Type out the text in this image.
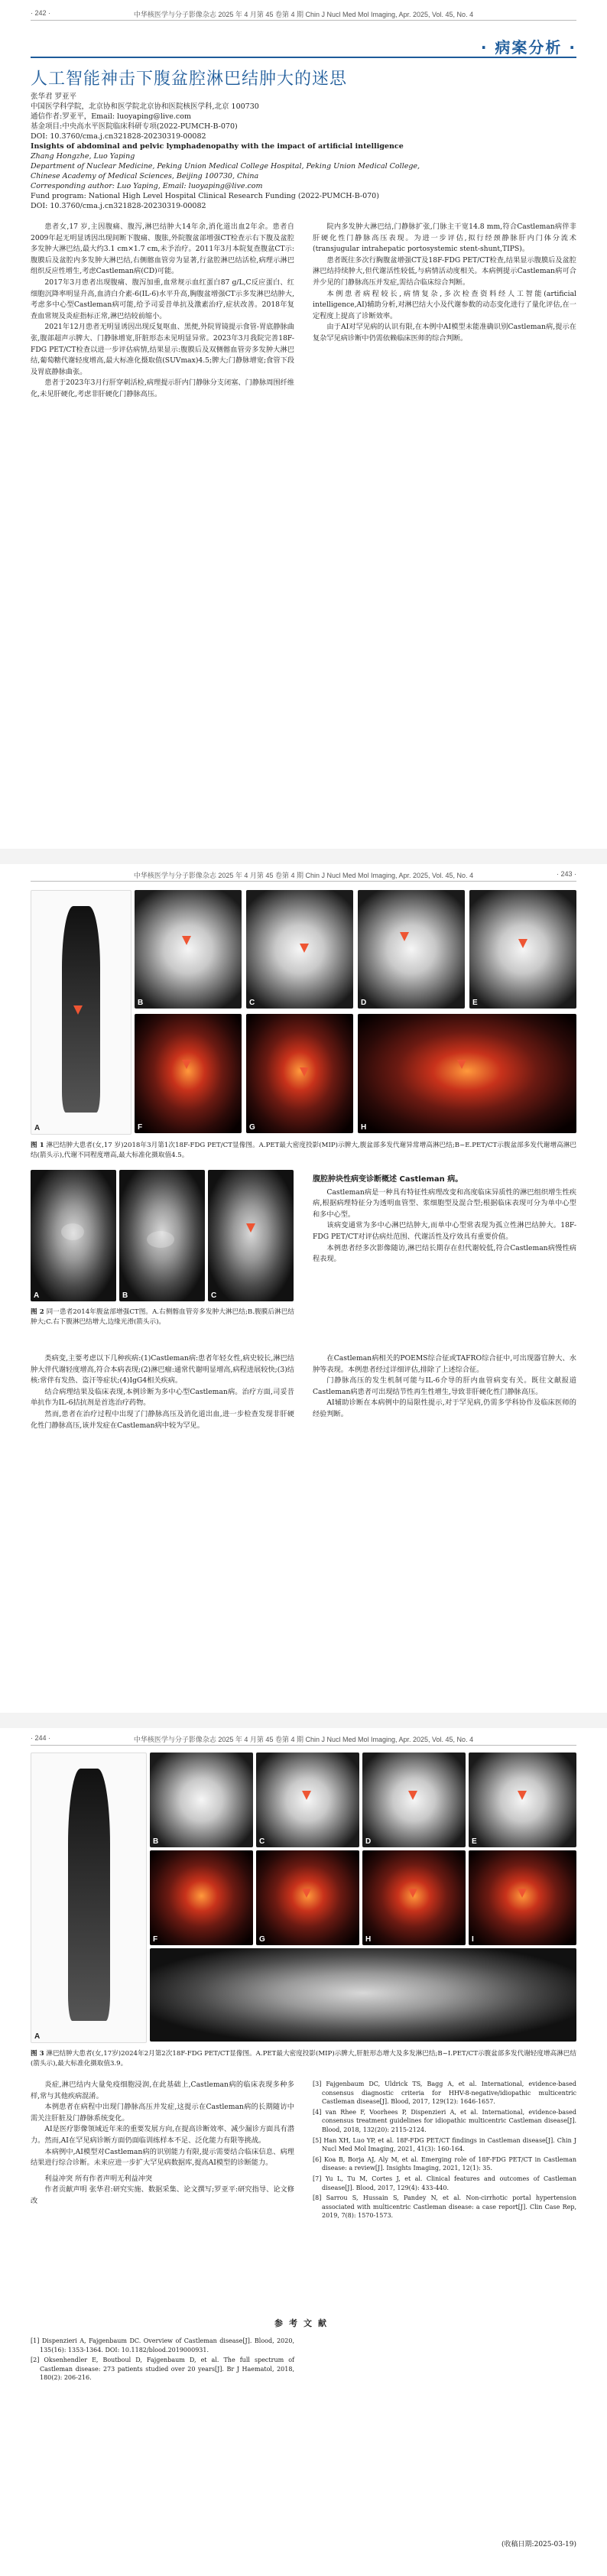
· 242 ·	中华核医学与分子影像杂志 2025 年 4 月第 45 卷第 4 期 Chin J Nucl Med Mol Imaging, Apr. 2025, Vol. 45, No. 4
· 病案分析 ·
人工智能神击下腹盆腔淋巴结肿大的迷思
张华君 罗亚平
中国医学科学院，北京协和医学院北京协和医院核医学科,北京 100730
通信作者:罗亚平，Email: luoyaping@live.com
基金项目:中央高水平医院临床科研专项(2022-PUMCH-B-070)
DOI: 10.3760/cma.j.cn321828-20230319-00082
Insights of abdominal and pelvic lymphadenopathy with the impact of artificial intelligence
Zhang Hongzhe, Luo Yaping
Department of Nuclear Medicine, Peking Union Medical College Hospital, Peking Union Medical College,
Chinese Academy of Medical Sciences, Beijing 100730, China
Corresponding author: Luo Yaping, Email: luoyaping@live.com
Fund program: National High Level Hospital Clinical Research Funding (2022-PUMCH-B-070)
DOI: 10.3760/cma.j.cn321828-20230319-00082

患者女,17 岁,主因腹痛、腹泻,淋巴结肿大14年余,消化道出血2年余。患者自2009年起无明显诱因出现间断下腹痛、腹胀,外院腹盆部增强CT检查示右下腹及盆腔多发肿大淋巴结,最大约3.1 cm×1.7 cm,未予治疗。2011年3月本院复查腹盆CT示:腹膜后及盆腔内多发肿大淋巴结,右侧髂血管旁为显著,行盆腔淋巴结活检,病理示淋巴组织反应性增生,考虑Castleman病(CD)可能。

2017年3月患者出现腹痛、腹泻加重,血常规示血红蛋白87 g/L,C反应蛋白、红细胞沉降率明显升高,血清白介素-6(IL-6)水平升高,胸腹盆增强CT示多发淋巴结肿大,考虑多中心型Castleman病可能,给予司妥昔单抗及激素治疗,症状改善。2018年复查血常规及炎症指标正常,淋巴结较前缩小。

2021年12月患者无明显诱因出现反复呕血、黑便,外院胃镜提示食管-胃底静脉曲张,腹部超声示脾大、门静脉增宽,肝脏形态未见明显异常。2023年3月我院完善18F-FDG PET/CT检查以进一步评估病情,结果显示:腹膜后及双侧髂血管旁多发肿大淋巴结,葡萄糖代谢轻度增高,最大标准化摄取值(SUVmax)4.5;脾大;门静脉增宽;食管下段及胃底静脉曲张。

患者于2023年3月行肝穿刺活检,病理提示肝内门静脉分支闭塞、门静脉周围纤维化,未见肝硬化,考虑非肝硬化门静脉高压。

院内多发肿大淋巴结,门静脉扩张,门脉主干宽14.8 mm,符合Castleman病伴非肝硬化性门静脉高压表现。为进一步评估,拟行经颈静脉肝内门体分流术(transjugular intrahepatic portosystemic stent-shunt,TIPS)。

患者既往多次行胸腹盆增强CT及18F-FDG PET/CT检查,结果显示腹膜后及盆腔淋巴结持续肿大,但代谢活性较低,与病情活动度相关。本病例提示Castleman病可合并少见的门静脉高压并发症,需结合临床综合判断。

本例患者病程较长,病情复杂,多次检查资料经人工智能(artificial intelligence,AI)辅助分析,对淋巴结大小及代谢参数的动态变化进行了量化评估,在一定程度上提高了诊断效率。

由于AI对罕见病的认识有限,在本例中AI模型未能准确识别Castleman病,提示在复杂罕见病诊断中仍需依赖临床医师的综合判断。

中华核医学与分子影像杂志 2025 年 4 月第 45 卷第 4 期 Chin J Nucl Med Mol Imaging, Apr. 2025, Vol. 45, No. 4	· 243 ·
A
B	C	D	E
F	G	H
图 1 淋巴结肿大患者(女,17 岁)2018年3月第1次18F-FDG PET/CT显像图。A.PET最大密度投影(MIP)示脾大,腹盆部多发代谢异常增高淋巴结;B~E.PET/CT示腹盆部多发代谢增高淋巴结(箭头示),代谢不同程度增高,最大标准化摄取值4.5。
A	B	C
图 2 同一患者2014年腹盆部增强CT图。A.右侧髂血管旁多发肿大淋巴结;B.腹膜后淋巴结肿大;C.右下腹淋巴结增大,边缘光滑(箭头示)。
腹腔肿块性病变诊断概述 Castleman 病。

Castleman病是一种具有特征性病理改变和高度临床异质性的淋巴组织增生性疾病,根据病理特征分为透明血管型、浆细胞型及混合型;根据临床表现可分为单中心型和多中心型。

该病变通常为多中心淋巴结肿大,而单中心型常表现为孤立性淋巴结肿大。18F-FDG PET/CT对评估病灶范围、代谢活性及疗效具有重要价值。

本例患者经多次影像随访,淋巴结长期存在但代谢较低,符合Castleman病慢性病程表现。

类病变,主要考虑以下几种疾病:(1)Castleman病:患者年轻女性,病史较长,淋巴结肿大伴代谢轻度增高,符合本病表现;(2)淋巴瘤:通常代谢明显增高,病程进展较快;(3)结核:常伴有发热、盗汗等症状;(4)IgG4相关疾病。

结合病理结果及临床表现,本例诊断为多中心型Castleman病。治疗方面,司妥昔单抗作为IL-6拮抗剂是首选治疗药物。

然而,患者在治疗过程中出现了门静脉高压及消化道出血,进一步检查发现非肝硬化性门静脉高压,该并发症在Castleman病中较为罕见。

在Castleman病相关的POEMS综合征或TAFRO综合征中,可出现器官肿大、水肿等表现。本例患者经过详细评估,排除了上述综合征。

门静脉高压的发生机制可能与IL-6介导的肝内血管病变有关。既往文献报道Castleman病患者可出现结节性再生性增生,导致非肝硬化性门静脉高压。

AI辅助诊断在本病例中的局限性提示,对于罕见病,仍需多学科协作及临床医师的经验判断。

· 244 ·	中华核医学与分子影像杂志 2025 年 4 月第 45 卷第 4 期 Chin J Nucl Med Mol Imaging, Apr. 2025, Vol. 45, No. 4
A
B	C	D	E
F	G	H	I
图 3 淋巴结肿大患者(女,17岁)2024年2月第2次18F-FDG PET/CT显像图。A.PET最大密度投影(MIP)示脾大,肝脏形态增大及多发淋巴结;B~I.PET/CT示腹盆部多发代谢轻度增高淋巴结(箭头示),最大标准化摄取值3.9。

炎症,淋巴结内大量免疫细胞浸润,在此基础上,Castleman病的临床表现多种多样,常与其他疾病混淆。

本例患者在病程中出现门静脉高压并发症,这提示在Castleman病的长期随访中需关注肝脏及门静脉系统变化。

AI是医疗影像领域近年来的重要发展方向,在提高诊断效率、减少漏诊方面具有潜力。然而,AI在罕见病诊断方面仍面临训练样本不足、泛化能力有限等挑战。

本病例中,AI模型对Castleman病的识别能力有限,提示需要结合临床信息、病理结果进行综合诊断。未来应进一步扩大罕见病数据库,提高AI模型的诊断能力。

利益冲突 所有作者声明无利益冲突

作者贡献声明 张华君:研究实施、数据采集、论文撰写;罗亚平:研究指导、论文修改

参考文献

[1] Dispenzieri A, Fajgenbaum DC. Overview of Castleman disease[J]. Blood, 2020, 135(16): 1353-1364. DOI: 10.1182/blood.2019000931.

[2] Oksenhendler E, Boutboul D, Fajgenbaum D, et al. The full spectrum of Castleman disease: 273 patients studied over 20 years[J]. Br J Haematol, 2018, 180(2): 206-216.

[3] Fajgenbaum DC, Uldrick TS, Bagg A, et al. International, evidence-based consensus diagnostic criteria for HHV-8-negative/idiopathic multicentric Castleman disease[J]. Blood, 2017, 129(12): 1646-1657.

[4] van Rhee F, Voorhees P, Dispenzieri A, et al. International, evidence-based consensus treatment guidelines for idiopathic multicentric Castleman disease[J]. Blood, 2018, 132(20): 2115-2124.

[5] Han XH, Luo YP, et al. 18F-FDG PET/CT findings in Castleman disease[J]. Chin J Nucl Med Mol Imaging, 2021, 41(3): 160-164.

[6] Koa B, Borja AJ, Aly M, et al. Emerging role of 18F-FDG PET/CT in Castleman disease: a review[J]. Insights Imaging, 2021, 12(1): 35.

[7] Yu L, Tu M, Cortes J, et al. Clinical features and outcomes of Castleman disease[J]. Blood, 2017, 129(4): 433-440.

[8] Sarrou S, Hussain S, Pandey N, et al. Non-cirrhotic portal hypertension associated with multicentric Castleman disease: a case report[J]. Clin Case Rep, 2019, 7(8): 1570-1573.

(收稿日期:2025-03-19)
